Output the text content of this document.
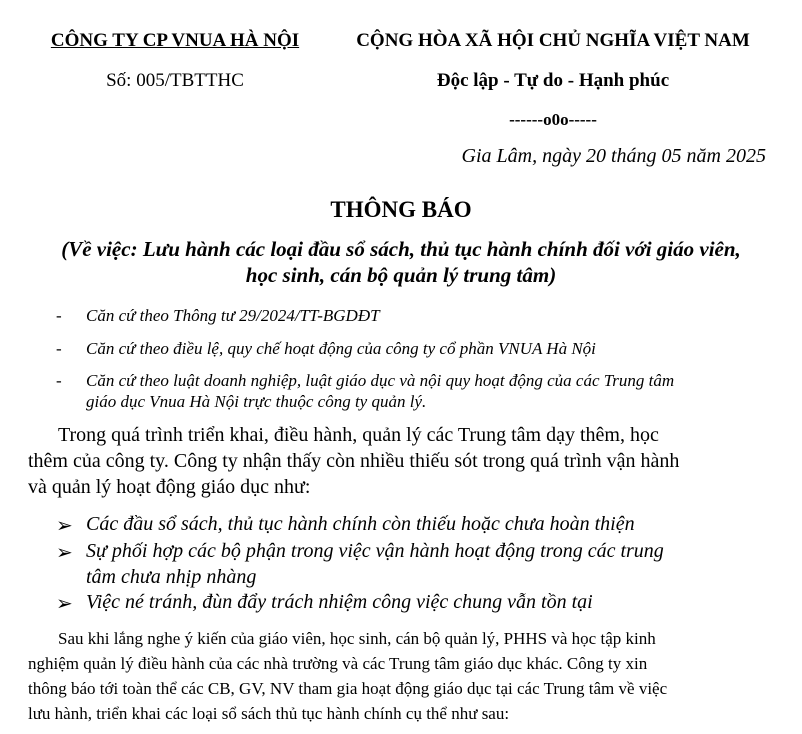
CÔNG TY CP VNUA HÀ NỘI
Số: 005/TBTTHC
CỘNG HÒA XÃ HỘI CHỦ NGHĨA VIỆT NAM
Độc lập - Tự do - Hạnh phúc
------o0o-----
Gia Lâm, ngày 20 tháng 05 năm 2025
THÔNG BÁO
(Về việc: Lưu hành các loại đầu sổ sách, thủ tục hành chính đối với giáo viên,
học sinh, cán bộ quản lý trung tâm)
- Căn cứ theo Thông tư 29/2024/TT-BGDĐT
- Căn cứ theo điều lệ, quy chế hoạt động của công ty cổ phần VNUA Hà Nội
- Căn cứ theo luật doanh nghiệp, luật giáo dục và nội quy hoạt động của các Trung tâm
giáo dục Vnua Hà Nội trực thuộc công ty quản lý.
Trong quá trình triển khai, điều hành, quản lý các Trung tâm dạy thêm, học
thêm của công ty. Công ty nhận thấy còn nhiều thiếu sót trong quá trình vận hành
và quản lý hoạt động giáo dục như:
➢ Các đầu sổ sách, thủ tục hành chính còn thiếu hoặc chưa hoàn thiện
➢ Sự phối hợp các bộ phận trong việc vận hành hoạt động trong các trung
tâm chưa nhịp nhàng
➢ Việc né tránh, đùn đẩy trách nhiệm công việc chung vẫn tồn tại
Sau khi lắng nghe ý kiến của giáo viên, học sinh, cán bộ quản lý, PHHS và học tập kinh
nghiệm quản lý điều hành của các nhà trường và các Trung tâm giáo dục khác. Công ty xin
thông báo tới toàn thể các CB, GV, NV tham gia hoạt động giáo dục tại các Trung tâm về việc
lưu hành, triển khai các loại sổ sách thủ tục hành chính cụ thể như sau:
